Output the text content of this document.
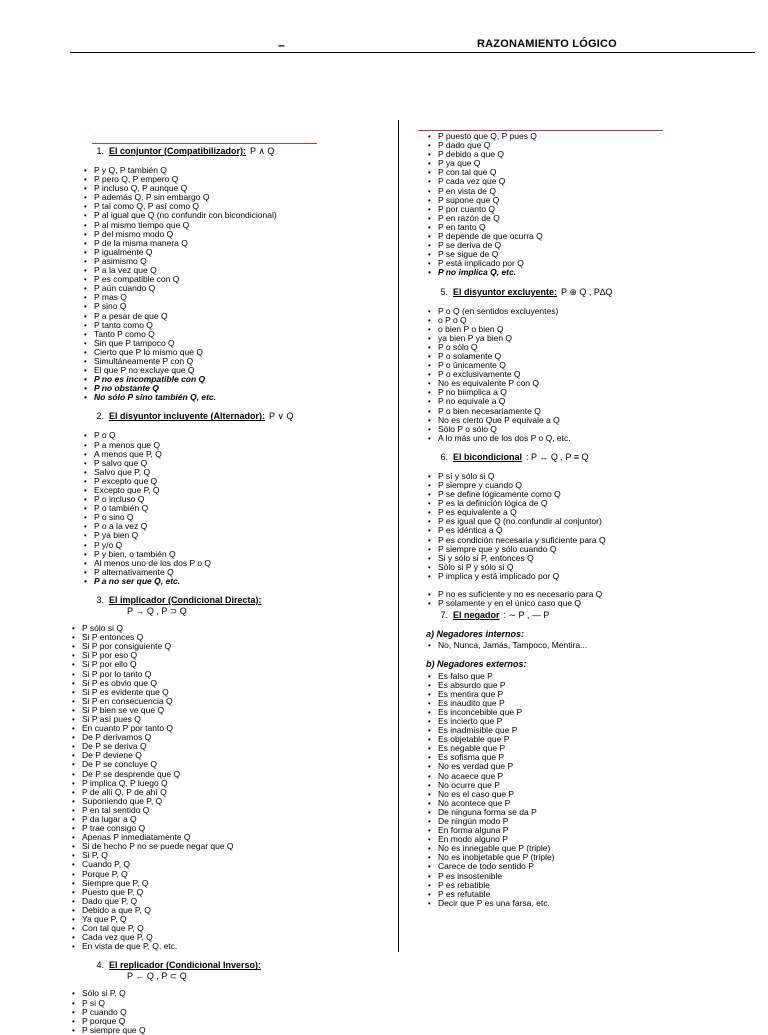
–	RAZONAMIENTO LÓGICO
1. El conjuntor (Compatibilizador): P ∧ Q
• P y Q, P también Q
• P pero Q, P empero Q
• P incluso Q, P aunque Q
• P además Q, P sin embargo Q
• P tal como Q, P así como Q
• P al igual que Q (no confundir con bicondicional)
• P al mismo tiempo que Q
• P del mismo modo Q
• P de la misma manera Q
• P igualmente Q
• P asimismo Q
• P a la vez que Q
• P es compatible con Q
• P aún cuando Q
• P mas Q
• P sino Q
• P a pesar de que Q
• P tanto como Q
• Tanto P como Q
• Sin que P tampoco Q
• Cierto que P lo mismo que Q
• Simultáneamente P con Q
• El que P no excluye que Q
• P no es incompatible con Q
• P no obstante Q
• No sólo P sino también Q, etc.
2. El disyuntor incluyente (Alternador): P ∨ Q
• P o Q
• P a menos que Q
• A menos que P, Q
• P salvo que Q
• Salvo que P, Q
• P excepto que Q
• Excepto que P, Q
• P o incluso Q
• P o también Q
• P o sino Q
• P o a la vez Q
• P ya bien Q
• P y/o Q
• P y bien, o también Q
• Al menos uno de los dos P o Q
• P alternativamente Q
• P a no ser que Q, etc.
3. El implicador (Condicional Directa):
P → Q , P ⊃ Q
• P sólo si Q
• Si P entonces Q
• Si P por consiguiente Q
• Si P por eso Q
• Si P por ello Q
• Si P por lo tanto Q
• Si P es obvio que Q
• Si P es evidente que Q
• Si P en consecuencia Q
• Si P bien se ve que Q
• Si P así pues Q
• En cuanto P por tanto Q
• De P derivamos Q
• De P se deriva Q
• De P deviene Q
• De P se concluye Q
• De P se desprende que Q
• P implica Q, P luego Q
• P de allí Q, P de ahí Q
• Suponiendo que P, Q
• P en tal sentido Q
• P da lugar a Q
• P trae consigo Q
• Apenas P inmediatamente Q
• Si de hecho P no se puede negar que Q
• Si P, Q
• Cuando P, Q
• Porque P, Q
• Siempre que P, Q
• Puesto que P, Q
• Dado que P, Q
• Debido a que P, Q
• Ya que P, Q
• Con tal que P, Q
• Cada vez que P, Q
• En vista de que P, Q, etc.
4. El replicador (Condicional Inverso):
P ← Q , P ⊂ Q
• Sólo si P, Q
• P si Q
• P cuando Q
• P porque Q
• P siempre que Q
• P puesto que Q, P pues Q
• P dado que Q
• P debido a que Q
• P ya que Q
• P con tal que Q
• P cada vez que Q
• P en vista de Q
• P supone que Q
• P por cuanto Q
• P en razón de Q
• P en tanto Q
• P depende de que ocurra Q
• P se deriva de Q
• P se sigue de Q
• P está implicado por Q
• P no implica Q, etc.
5. El disyuntor excluyente: P ⊕ Q , P∆Q
• P o Q (en sentidos excluyentes)
• o P o Q
• o bien P o bien Q
• ya bien P ya bien Q
• P o sólo Q
• P o solamente Q
• P o únicamente Q
• P o exclusivamente Q
• No es equivalente P con Q
• P no biimplica a Q
• P no equivale a Q
• P o bien necesariamente Q
• No es cierto Que P equivale a Q
• Sólo P o sólo Q
• A lo más uno de los dos P o Q, etc.
6. El bicondicional : P ↔ Q , P ≡ Q
• P sí y sólo si Q
• P siempre y cuando Q
• P se define lógicamente como Q
• P es la definición lógica de Q
• P es equivalente a Q
• P es igual que Q (no confundir al conjuntor)
• P es idéntica a Q
• P es condición necesaria y suficiente para Q
• P siempre que y sólo cuando Q
• Si y sólo si P, entonces Q
• Sólo si P y sólo si Q
• P implica y está implicado por Q
• P no es suficiente y no es necesario para Q
• P solamente y en el único caso que Q
7. El negador : ∼ P , — P
a) Negadores internos:
• No, Nunca, Jamás, Tampoco, Mentira...
b) Negadores externos:
• Es falso que P
• Es absurdo que P
• Es mentira que P
• Es inaudito que P
• Es inconcebible que P
• Es incierto que P
• Es inadmisible que P
• Es objetable que P
• Es negable que P
• Es sofisma que P
• No es verdad que P
• No acaece que P
• No ocurre que P
• No es el caso que P
• No acontece que P
• De ninguna forma se da P
• De ningún modo P
• En forma alguna P
• En modo alguno P
• No es innegable que P (triple)
• No es inobjetable que P (triple)
• Carece de todo sentido P
• P es insostenible
• P es rebatible
• P es refutable
• Decir que P es una farsa, etc.
